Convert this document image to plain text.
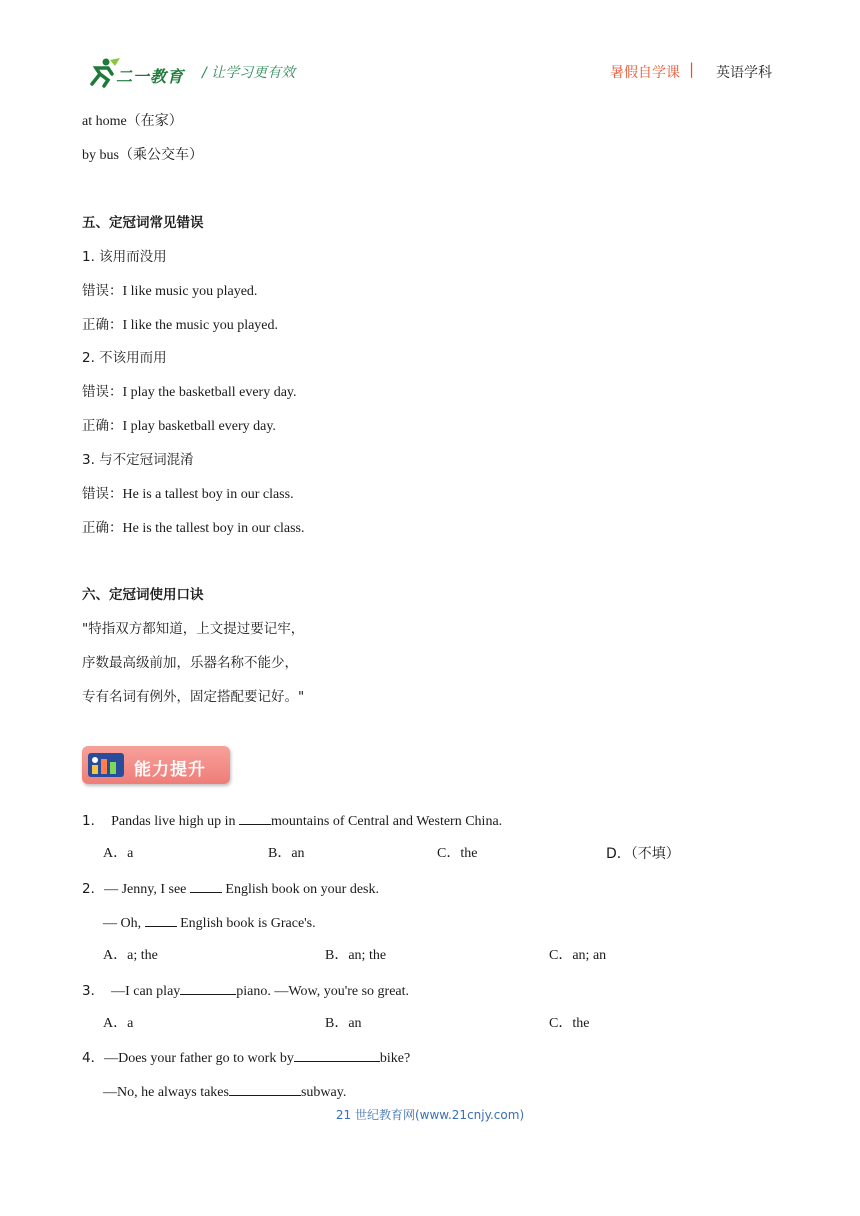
二一教育 / 让学习更有效	暑假自学课 | 英语学科
at home（在家）
by bus（乘公交车）
五、定冠词常见错误
1. 该用而没用
错误：I like music you played.
正确：I like the music you played.
2. 不该用而用
错误：I play the basketball every day.
正确：I play basketball every day.
3. 与不定冠词混淆
错误：He is a tallest boy in our class.
正确：He is the tallest boy in our class.
六、定冠词使用口诀
"特指双方都知道，上文提过要记牢，
序数最高级前加，乐器名称不能少，
专有名词有例外，固定搭配要记好。"
能力提升
1． Pandas live high up in mountains of Central and Western China.
A．a	B．an	C．the	D．（不填）
2．— Jenny, I see  English book on your desk.
— Oh,  English book is Grace's.
A．a; the	B．an; the	C．an; an
3． —I can play	piano. —Wow, you're so great.
A．a	B．an	C．the
4．—Does your father go to work by	bike?
—No, he always takes	subway.
21 世纪教育网(www.21cnjy.com)
